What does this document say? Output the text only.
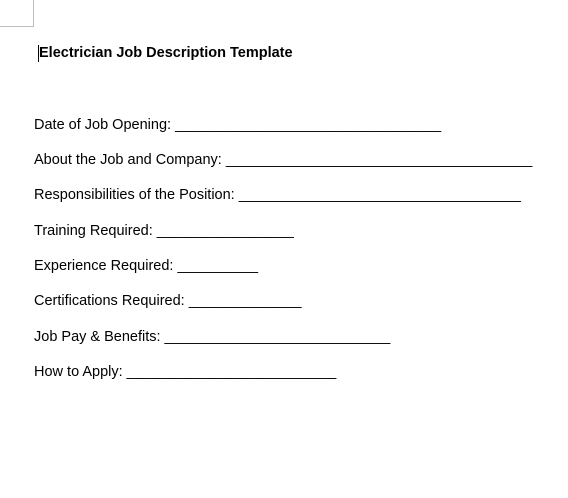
Electrician Job Description Template
Date of Job Opening: _________________________________
About the Job and Company: ______________________________________
Responsibilities of the Position: ___________________________________
Training Required: _________________
Experience Required: __________
Certifications Required: ______________
Job Pay & Benefits: ____________________________
How to Apply: __________________________
